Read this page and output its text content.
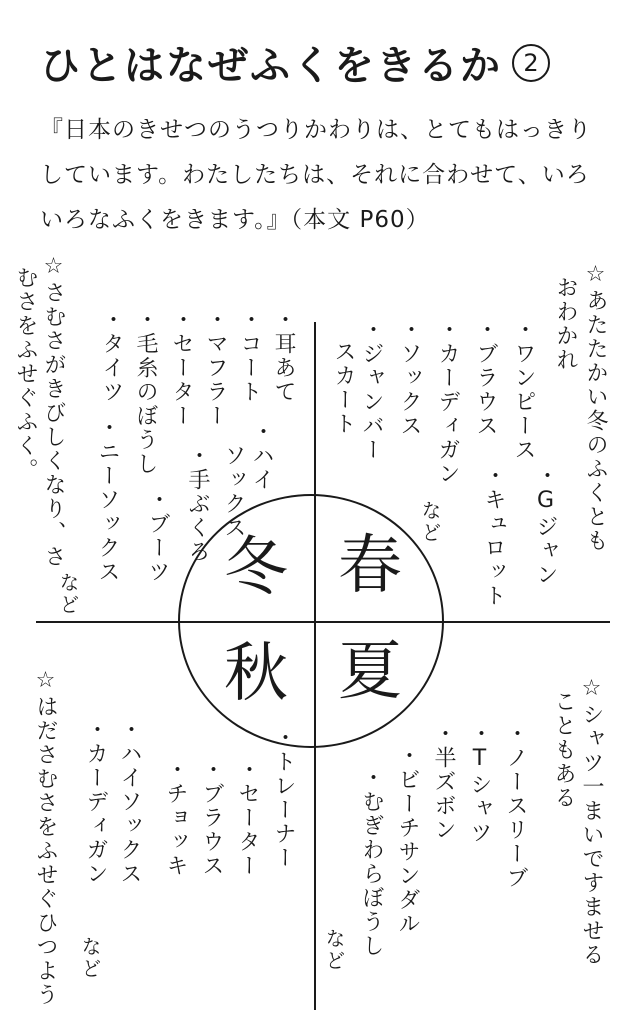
ひとはなぜふくをきるか 2
『日本のきせつのうつりかわりは、とてもはっきり
しています。わたしたちは、それに合わせて、いろ
いろなふくをきます。』（本文 P60）
冬 春
秋 夏
☆あたたかい冬のふくとも
おわかれ
・ワンピース
・ブラウス
・カーディガン
・ソックス
・ジャンバー
スカート
・Gジャン
・キュロット
など
☆さむさがきびしくなり、さ
むさをふせぐふく。	・耳あて
・コート
・マフラー
・セーター
・毛糸のぼうし
・タイツ
・ハイ
ソックス
・手ぶくろ
・ブーツ
・ニーソックス
など
☆シャツ一まいですませる
こともある
・ノースリーブ
・Tシャツ
・半ズボン
・ビーチサンダル
・むぎわらぼうし
など
☆はださむさをふせぐひつよう	・トレーナー
・セーター
・ブラウス
・チョッキ
・ハイソックス
・カーディガン
など
